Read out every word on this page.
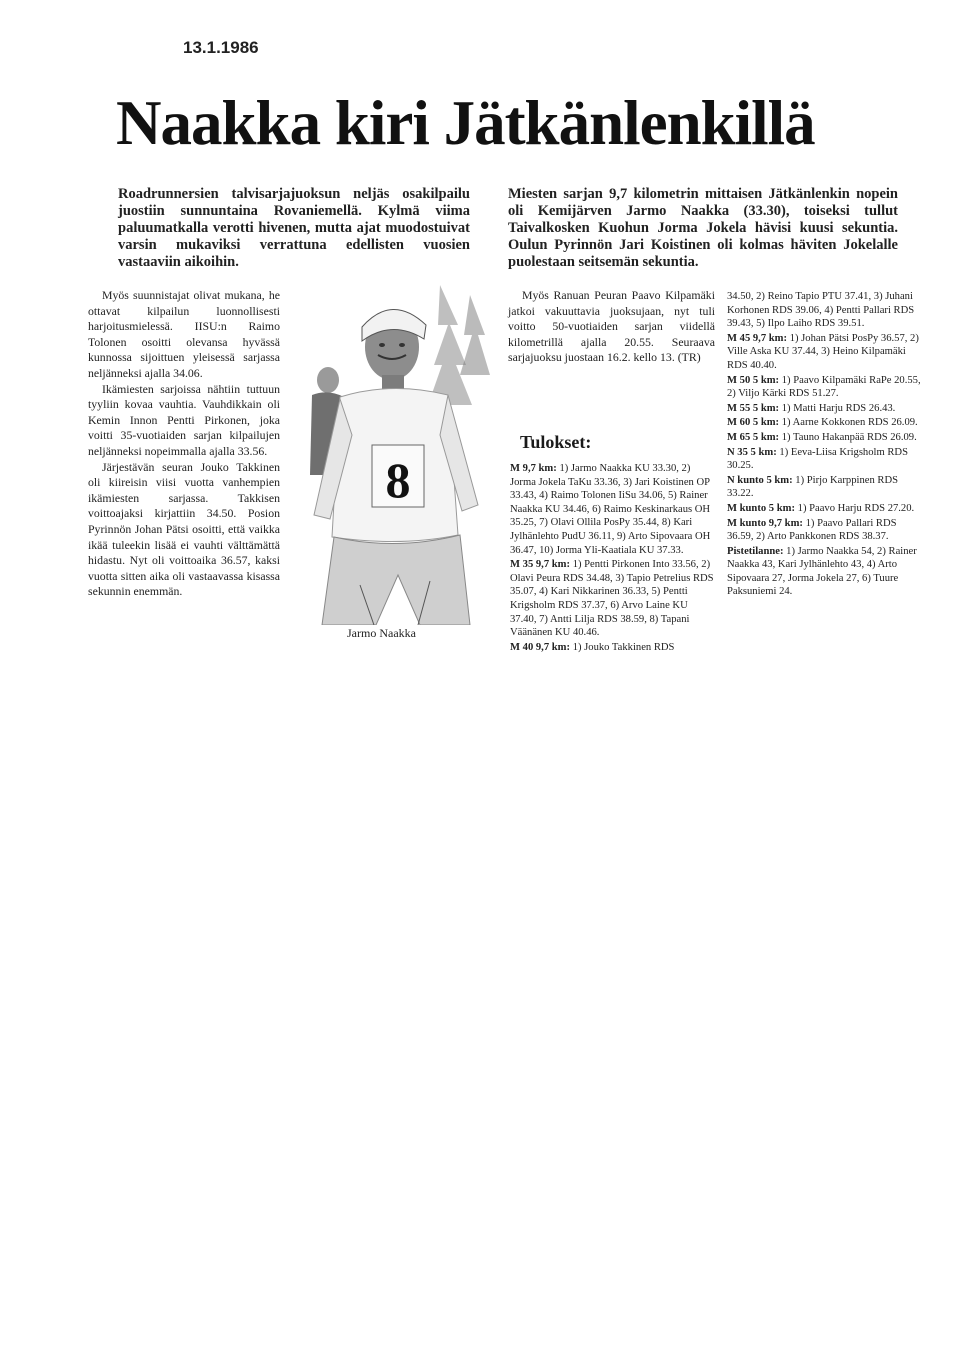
13.1.1986
Naakka kiri Jätkänlenkillä

Roadrunnersien talvisarjajuoksun neljäs osakilpailu juostiin sunnuntaina Rovaniemellä. Kylmä viima paluumatkalla verotti hivenen, mutta ajat muodostuivat varsin mukaviksi verrattuna edellisten vuosien vastaaviin aikoihin.

Miesten sarjan 9,7 kilometrin mittaisen Jätkänlenkin nopein oli Kemijärven Jarmo Naakka (33.30), toiseksi tullut Taivalkosken Kuohun Jorma Jokela hävisi kuusi sekuntia. Oulun Pyrinnön Jari Koistinen oli kolmas häviten Jokelalle puolestaan seitsemän sekuntia.

Myös suunnistajat olivat mukana, he ottavat kilpailun luonnollisesti harjoitusmielessä. IISU:n Raimo Tolonen osoitti olevansa hyvässä kunnossa sijoittuen yleisessä sarjassa neljänneksi ajalla 34.06.

Ikämiesten sarjoissa nähtiin tuttuun tyyliin kovaa vauhtia. Vauhdikkain oli Kemin Innon Pentti Pirkonen, joka voitti 35-vuotiaiden sarjan kilpailujen neljänneksi nopeimmalla ajalla 33.56.

Järjestävän seuran Jouko Takkinen oli kiireisin viisi vuotta vanhempien ikämiesten sarjassa. Takkisen voittoajaksi kirjattiin 34.50. Posion Pyrinnön Johan Pätsi osoitti, että vaikka ikää tuleekin lisää ei vauhti välttämättä hidastu. Nyt oli voittoaika 36.57, kaksi vuotta sitten aika oli vastaavassa kisassa sekunnin enemmän.

8
Jarmo Naakka

Myös Ranuan Peuran Paavo Kilpamäki jatkoi vakuuttavia juoksujaan, nyt tuli voitto 50-vuotiaiden sarjan viidellä kilometrillä ajalla 20.55. Seuraava sarjajuoksu juostaan 16.2. kello 13. (TR)

Tulokset:

M 9,7 km: 1) Jarmo Naakka KU 33.30, 2) Jorma Jokela TaKu 33.36, 3) Jari Koistinen OP 33.43, 4) Raimo Tolonen IiSu 34.06, 5) Rainer Naakka KU 34.46, 6) Raimo Keskinarkaus OH 35.25, 7) Olavi Ollila PosPy 35.44, 8) Kari Jylhänlehto PudU 36.11, 9) Arto Sipovaara OH 36.47, 10) Jorma Yli-Kaatiala KU 37.33.

M 35 9,7 km: 1) Pentti Pirkonen Into 33.56, 2) Olavi Peura RDS 34.48, 3) Tapio Petrelius RDS 35.07, 4) Kari Nikkarinen 36.33, 5) Pentti Krigsholm RDS 37.37, 6) Arvo Laine KU 37.40, 7) Antti Lilja RDS 38.59, 8) Tapani Väänänen KU 40.46.

M 40 9,7 km: 1) Jouko Takkinen RDS

34.50, 2) Reino Tapio PTU 37.41, 3) Juhani Korhonen RDS 39.06, 4) Pentti Pallari RDS 39.43, 5) Ilpo Laiho RDS 39.51.

M 45 9,7 km: 1) Johan Pätsi PosPy 36.57, 2) Ville Aska KU 37.44, 3) Heino Kilpamäki RDS 40.40.

M 50 5 km: 1) Paavo Kilpamäki RaPe 20.55, 2) Viljo Kärki RDS 51.27.

M 55 5 km: 1) Matti Harju RDS 26.43.

M 60 5 km: 1) Aarne Kokkonen RDS 26.09.

M 65 5 km: 1) Tauno Hakanpää RDS 26.09.

N 35 5 km: 1) Eeva-Liisa Krigsholm RDS 30.25.

N kunto 5 km: 1) Pirjo Karppinen RDS 33.22.

M kunto 5 km: 1) Paavo Harju RDS 27.20.

M kunto 9,7 km: 1) Paavo Pallari RDS 36.59, 2) Arto Pankkonen RDS 38.37.

Pistetilanne: 1) Jarmo Naakka 54, 2) Rainer Naakka 43, Kari Jylhänlehto 43, 4) Arto Sipovaara 27, Jorma Jokela 27, 6) Tuure Paksuniemi 24.
